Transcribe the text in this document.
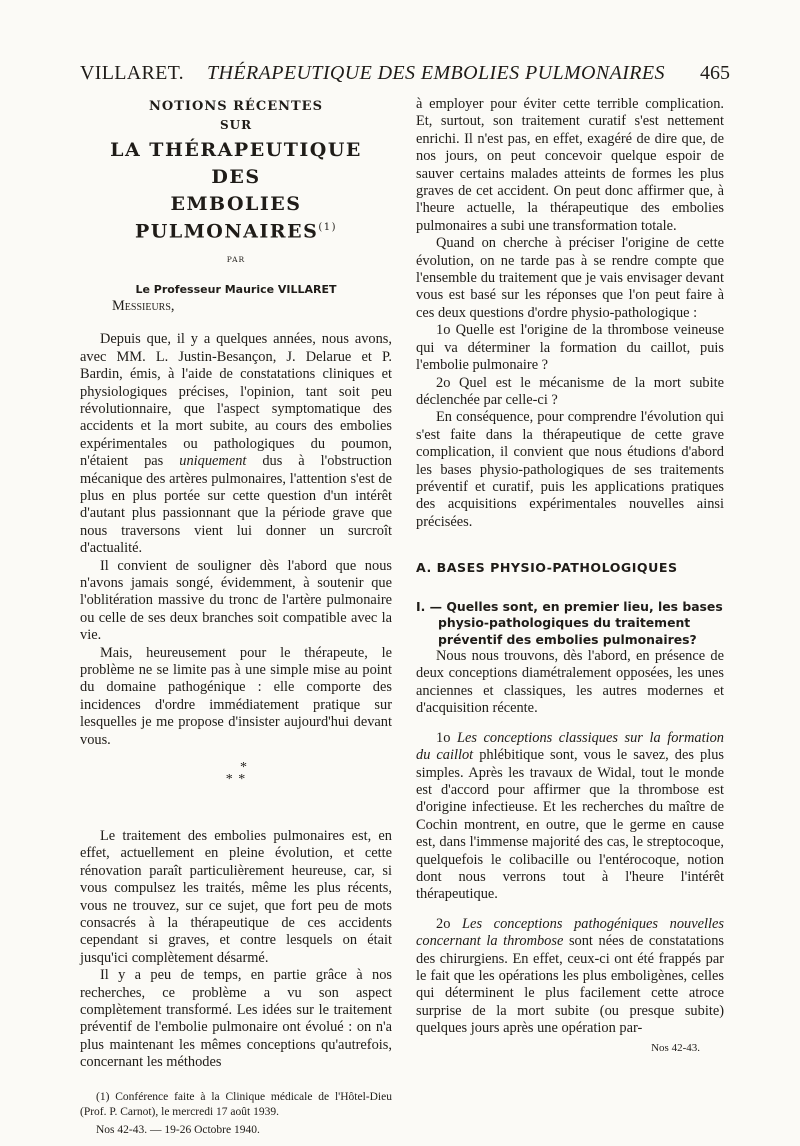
VILLARET. THÉRAPEUTIQUE DES EMBOLIES PULMONAIRES 465
NOTIONS RÉCENTES
SUR
LA THÉRAPEUTIQUE
DES
EMBOLIES PULMONAIRES$^{(1)}$
PAR
Le Professeur Maurice VILLARET

Messieurs,

Depuis que, il y a quelques années, nous avons, avec MM. L. Justin-Besançon, J. Delarue et P. Bardin, émis, à l'aide de constatations cliniques et physiologiques précises, l'opinion, tant soit peu révolutionnaire, que l'aspect symptomatique des accidents et la mort subite, au cours des embolies expérimentales ou pathologiques du poumon, n'étaient pas uniquement dus à l'obstruction mécanique des artères pulmonaires, l'attention s'est de plus en plus portée sur cette question d'un intérêt d'autant plus passionnant que la période grave que nous traversons vient lui donner un surcroît d'actualité.

Il convient de souligner dès l'abord que nous n'avons jamais songé, évidemment, à soutenir que l'oblitération massive du tronc de l'artère pulmonaire ou celle de ses deux branches soit compatible avec la vie.

Mais, heureusement pour le thérapeute, le problème ne se limite pas à une simple mise au point du domaine pathogénique : elle comporte des incidences d'ordre immédiatement pratique sur lesquelles je me propose d'insister aujourd'hui devant vous.

*
* *

Le traitement des embolies pulmonaires est, en effet, actuellement en pleine évolution, et cette rénovation paraît particulièrement heureuse, car, si vous compulsez les traités, même les plus récents, vous ne trouvez, sur ce sujet, que fort peu de mots consacrés à la thérapeutique de ces accidents cependant si graves, et contre lesquels on était jusqu'ici complètement désarmé.

Il y a peu de temps, en partie grâce à nos recherches, ce problème a vu son aspect complètement transformé. Les idées sur le traitement préventif de l'embolie pulmonaire ont évolué : on n'a plus maintenant les mêmes conceptions qu'autrefois, concernant les méthodes

(1) Conférence faite à la Clinique médicale de l'Hôtel-Dieu (Prof. P. Carnot), le mercredi 17 août 1939.

Nos 42-43. — 19-26 Octobre 1940.

à employer pour éviter cette terrible complication. Et, surtout, son traitement curatif s'est nettement enrichi. Il n'est pas, en effet, exagéré de dire que, de nos jours, on peut concevoir quelque espoir de sauver certains malades atteints de formes les plus graves de cet accident. On peut donc affirmer que, à l'heure actuelle, la thérapeutique des embolies pulmonaires a subi une transformation totale.

Quand on cherche à préciser l'origine de cette évolution, on ne tarde pas à se rendre compte que l'ensemble du traitement que je vais envisager devant vous est basé sur les réponses que l'on peut faire à ces deux questions d'ordre physio-pathologique :

1o Quelle est l'origine de la thrombose veineuse qui va déterminer la formation du caillot, puis l'embolie pulmonaire ?

2o Quel est le mécanisme de la mort subite déclenchée par celle-ci ?

En conséquence, pour comprendre l'évolution qui s'est faite dans la thérapeutique de cette grave complication, il convient que nous étudions d'abord les bases physio-pathologiques de ses traitements préventif et curatif, puis les applications pratiques des acquisitions expérimentales nouvelles ainsi précisées.

A. BASES PHYSIO-PATHOLOGIQUES

I. — Quelles sont, en premier lieu, les bases physio-pathologiques du traitement préventif des embolies pulmonaires?

Nous nous trouvons, dès l'abord, en présence de deux conceptions diamétralement opposées, les unes anciennes et classiques, les autres modernes et d'acquisition récente.

1o Les conceptions classiques sur la formation du caillot phlébitique sont, vous le savez, des plus simples. Après les travaux de Widal, tout le monde est d'accord pour affirmer que la thrombose est d'origine infectieuse. Et les recherches du maître de Cochin montrent, en outre, que le germe en cause est, dans l'immense majorité des cas, le streptocoque, quelquefois le colibacille ou l'entérocoque, notion dont nous verrons tout à l'heure l'intérêt thérapeutique.

2o Les conceptions pathogéniques nouvelles concernant la thrombose sont nées de constatations des chirurgiens. En effet, ceux-ci ont été frappés par le fait que les opérations les plus emboligènes, celles qui déterminent le plus facilement cette atroce surprise de la mort subite (ou presque subite) quelques jours après une opération par-

Nos 42-43.
